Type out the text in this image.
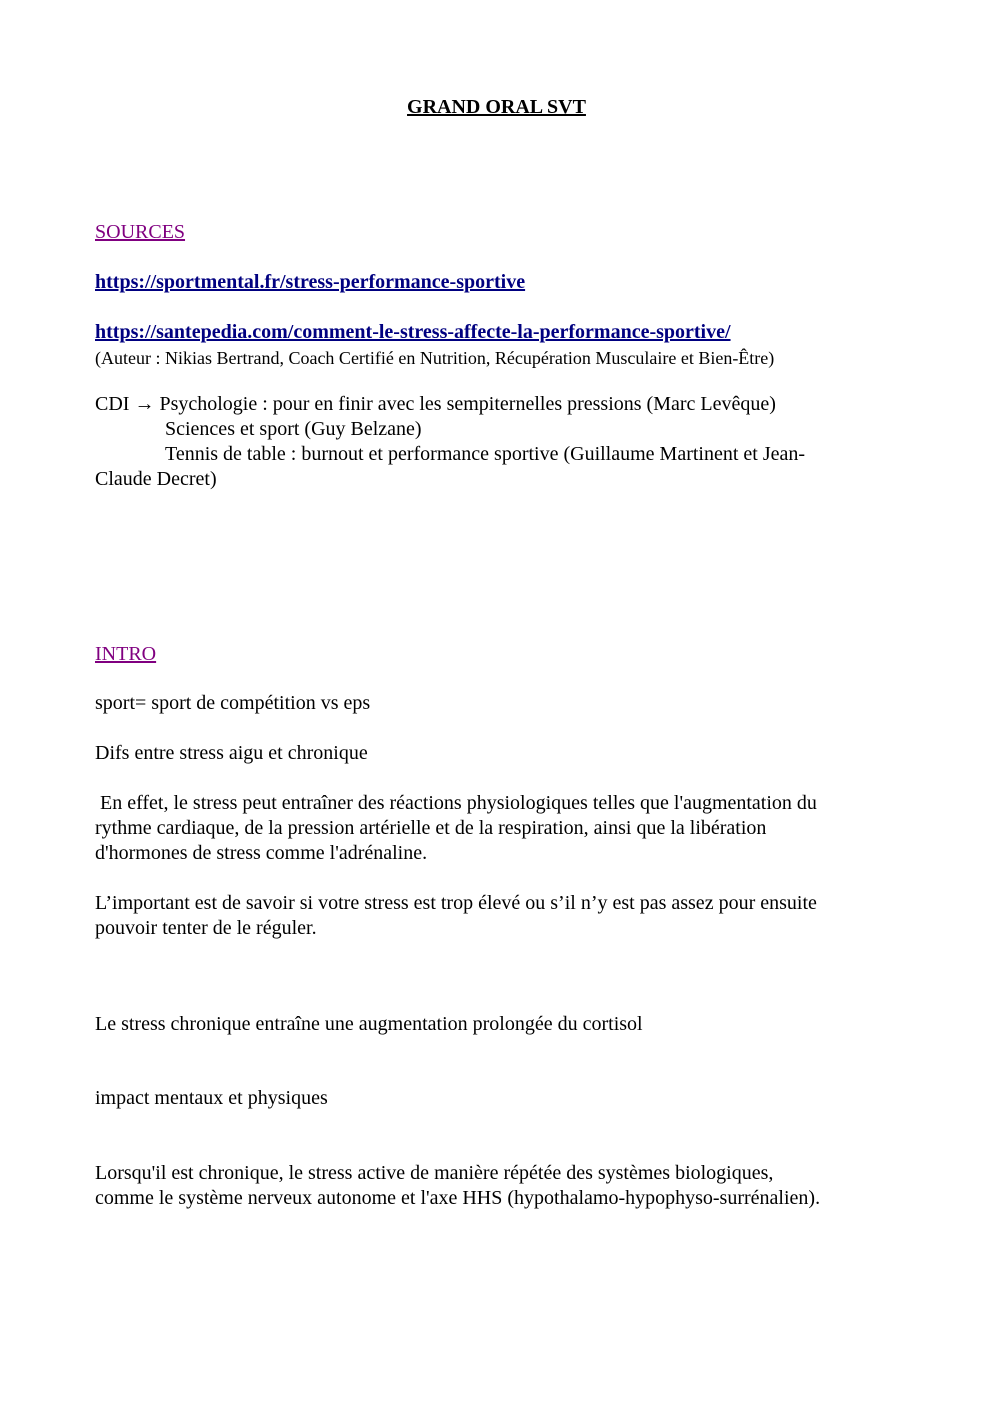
GRAND ORAL SVT
SOURCES
https://sportmental.fr/stress-performance-sportive
https://santepedia.com/comment-le-stress-affecte-la-performance-sportive/
(Auteur : Nikias Bertrand, Coach Certifié en Nutrition, Récupération Musculaire et Bien-Être)
CDI → Psychologie : pour en finir avec les sempiternelles pressions (Marc Levêque)
Sciences et sport (Guy Belzane)
Tennis de table : burnout et performance sportive (Guillaume Martinent et Jean-
Claude Decret)
INTRO
sport= sport de compétition vs eps
Difs entre stress aigu et chronique
En effet, le stress peut entraîner des réactions physiologiques telles que l'augmentation du
rythme cardiaque, de la pression artérielle et de la respiration, ainsi que la libération
d'hormones de stress comme l'adrénaline.
L’important est de savoir si votre stress est trop élevé ou s’il n’y est pas assez pour ensuite
pouvoir tenter de le réguler.
Le stress chronique entraîne une augmentation prolongée du cortisol
impact mentaux et physiques
Lorsqu'il est chronique, le stress active de manière répétée des systèmes biologiques,
comme le système nerveux autonome et l'axe HHS (hypothalamo-hypophyso-surrénalien).
